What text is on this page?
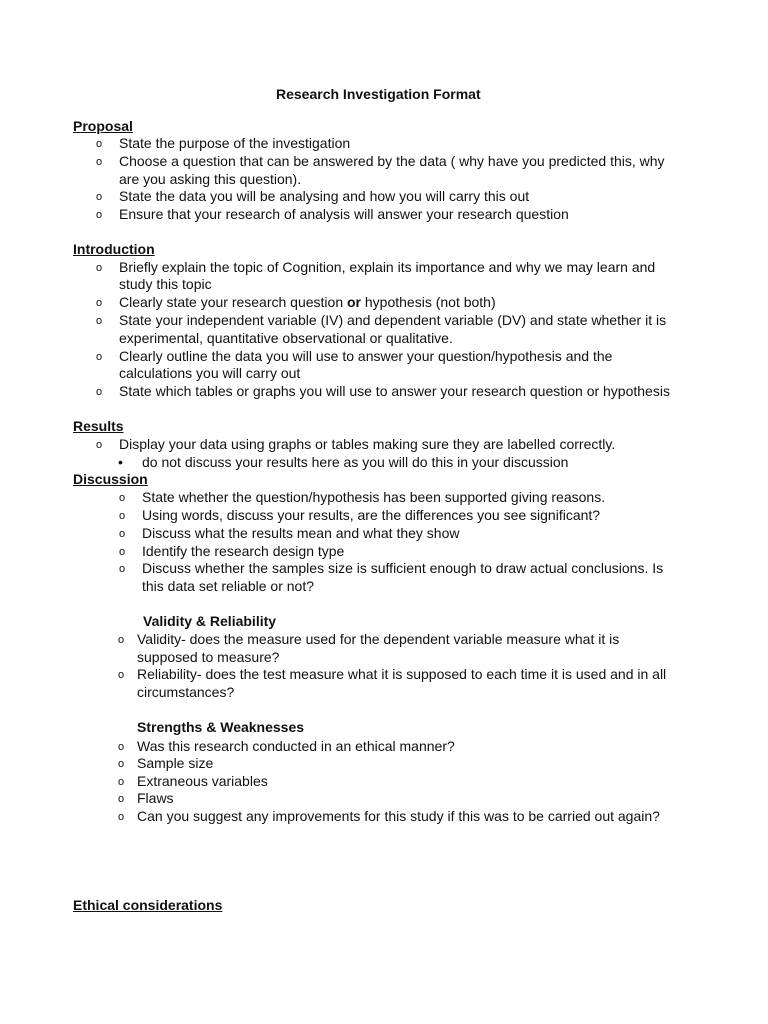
Research Investigation Format
Proposal
o State the purpose of the investigation
o Choose a question that can be answered by the data ( why have you predicted this, why
are you asking this question).
o State the data you will be analysing and how you will carry this out
o Ensure that your research of analysis will answer your research question
Introduction
o Briefly explain the topic of Cognition, explain its importance and why we may learn and
study this topic
o Clearly state your research question or hypothesis (not both)
o State your independent variable (IV) and dependent variable (DV) and state whether it is
experimental, quantitative observational or qualitative.
o Clearly outline the data you will use to answer your question/hypothesis and the
calculations you will carry out
o State which tables or graphs you will use to answer your research question or hypothesis
Results
o Display your data using graphs or tables making sure they are labelled correctly.
• do not discuss your results here as you will do this in your discussion
Discussion
o State whether the question/hypothesis has been supported giving reasons.
o Using words, discuss your results, are the differences you see significant?
o Discuss what the results mean and what they show
o Identify the research design type
o Discuss whether the samples size is sufficient enough to draw actual conclusions. Is
this data set reliable or not?
Validity & Reliability
o Validity- does the measure used for the dependent variable measure what it is
supposed to measure?
o Reliability- does the test measure what it is supposed to each time it is used and in all
circumstances?
Strengths & Weaknesses
o Was this research conducted in an ethical manner?
o Sample size
o Extraneous variables
o Flaws
o Can you suggest any improvements for this study if this was to be carried out again?
Ethical considerations
